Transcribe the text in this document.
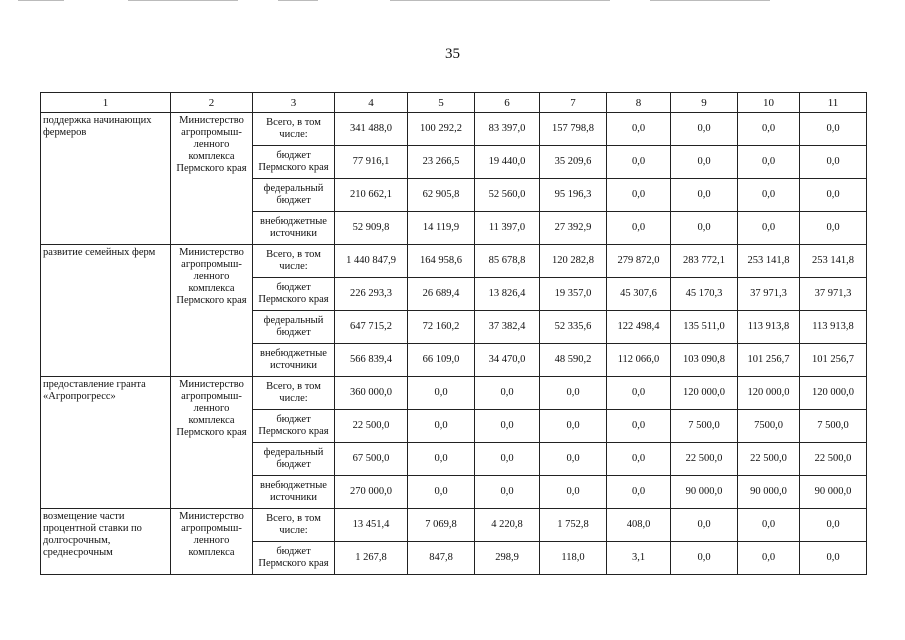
35
1	2	3	4	5	6	7	8	9	10	11
поддержка начинающих фермеров	Министерство агропромыш-ленного комплекса Пермского края	Всего, в том числе:	341 488,0	100 292,2	83 397,0	157 798,8	0,0	0,0	0,0	0,0
		бюджет Пермского края	77 916,1	23 266,5	19 440,0	35 209,6	0,0	0,0	0,0	0,0
		федеральный бюджет	210 662,1	62 905,8	52 560,0	95 196,3	0,0	0,0	0,0	0,0
		внебюджетные источники	52 909,8	14 119,9	11 397,0	27 392,9	0,0	0,0	0,0	0,0
развитие семейных ферм	Министерство агропромыш-ленного комплекса Пермского края	Всего, в том числе:	1 440 847,9	164 958,6	85 678,8	120 282,8	279 872,0	283 772,1	253 141,8	253 141,8
		бюджет Пермского края	226 293,3	26 689,4	13 826,4	19 357,0	45 307,6	45 170,3	37 971,3	37 971,3
		федеральный бюджет	647 715,2	72 160,2	37 382,4	52 335,6	122 498,4	135 511,0	113 913,8	113 913,8
		внебюджетные источники	566 839,4	66 109,0	34 470,0	48 590,2	112 066,0	103 090,8	101 256,7	101 256,7
предоставление гранта «Агропрогресс»	Министерство агропромыш-ленного комплекса Пермского края	Всего, в том числе:	360 000,0	0,0	0,0	0,0	0,0	120 000,0	120 000,0	120 000,0
		бюджет Пермского края	22 500,0	0,0	0,0	0,0	0,0	7 500,0	7500,0	7 500,0
		федеральный бюджет	67 500,0	0,0	0,0	0,0	0,0	22 500,0	22 500,0	22 500,0
		внебюджетные источники	270 000,0	0,0	0,0	0,0	0,0	90 000,0	90 000,0	90 000,0
возмещение части процентной ставки по долгосрочным, среднесрочным	Министерство агропромыш-ленного комплекса	Всего, в том числе:	13 451,4	7 069,8	4 220,8	1 752,8	408,0	0,0	0,0	0,0
		бюджет Пермского края	1 267,8	847,8	298,9	118,0	3,1	0,0	0,0	0,0
